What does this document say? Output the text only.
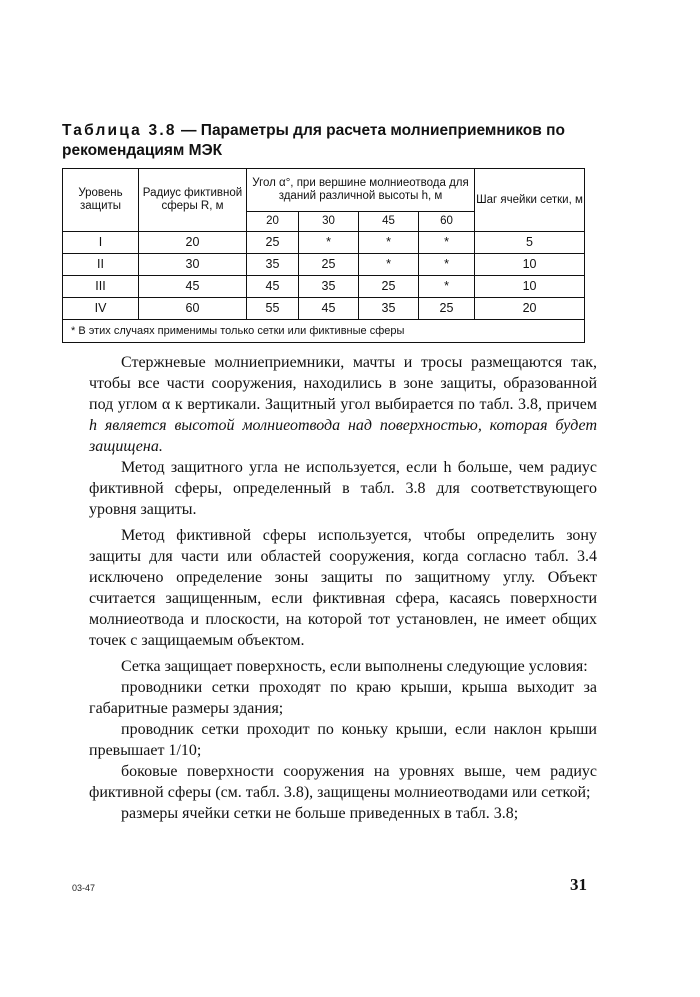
Таблица 3.8 — Параметры для расчета молниеприемников по рекомендациям МЭК
Уровень защиты	Радиус фиктивной сферы R, м	Угол α°, при вершине молниеотвода для зданий различной высоты h, м				Шаг ячейки сетки, м
		20	30	45	60	
I	20	25	*	*	*	5
II	30	35	25	*	*	10
III	45	45	35	25	*	10
IV	60	55	45	35	25	20
* В этих случаях применимы только сетки или фиктивные сферы						

Стержневые молниеприемники, мачты и тросы размещаются так, чтобы все части сооружения, находились в зоне защиты, образованной под углом α к вертикали. Защитный угол выбирается по табл. 3.8, причем h является высотой молниеотвода над поверхностью, которая будет защищена.

Метод защитного угла не используется, если h больше, чем радиус фиктивной сферы, определенный в табл. 3.8 для соответствующего уровня защиты.

Метод фиктивной сферы используется, чтобы определить зону защиты для части или областей сооружения, когда согласно табл. 3.4 исключено определение зоны защиты по защитному углу. Объект считается защищенным, если фиктивная сфера, касаясь поверхности молниеотвода и плоскости, на которой тот установлен, не имеет общих точек с защищаемым объектом.

Сетка защищает поверхность, если выполнены следующие условия:

проводники сетки проходят по краю крыши, крыша выходит за габаритные размеры здания;

проводник сетки проходит по коньку крыши, если наклон крыши превышает 1/10;

боковые поверхности сооружения на уровнях выше, чем радиус фиктивной сферы (см. табл. 3.8), защищены молниеотводами или сеткой;

размеры ячейки сетки не больше приведенных в табл. 3.8;

03-47	31
